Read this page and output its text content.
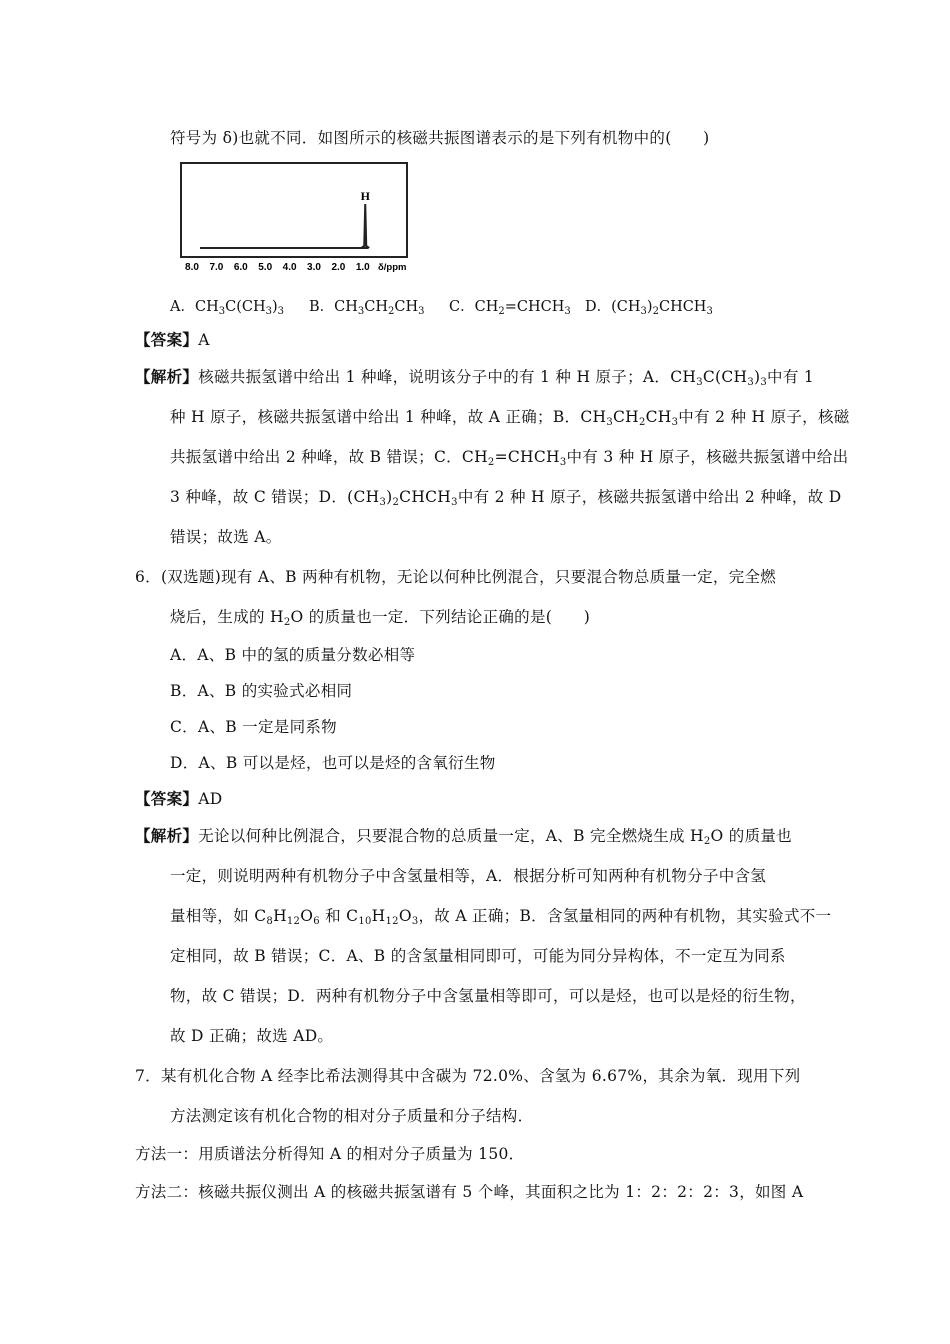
符号为 δ)也就不同．如图所示的核磁共振图谱表示的是下列有机物中的(　　)
H
8.0 7.0 6.0 5.0 4.0 3.0 2.0 1.0 δ/ppm
A．$CH_3C(CH_3)_3$ B．$CH_3CH_2CH_3$ C．$CH_2=CHCH_3$ D．$(CH_3)_2CHCH_3$
【答案】A
【解析】核磁共振氢谱中给出 1 种峰，说明该分子中的有 1 种 H 原子；A．$CH_3C(CH_3)_3$中有 1
种 H 原子，核磁共振氢谱中给出 1 种峰，故 A 正确；B．$CH_3CH_2CH_3$中有 2 种 H 原子，核磁
共振氢谱中给出 2 种峰，故 B 错误；C．$CH_2=CHCH_3$中有 3 种 H 原子，核磁共振氢谱中给出
3 种峰，故 C 错误；D．$(CH_3)_2CHCH_3$中有 2 种 H 原子，核磁共振氢谱中给出 2 种峰，故 D
错误；故选 A。
6．(双选题)现有 A、B 两种有机物，无论以何种比例混合，只要混合物总质量一定，完全燃
烧后，生成的 $H_2O$ 的质量也一定．下列结论正确的是(　　)
A．A、B 中的氢的质量分数必相等
B．A、B 的实验式必相同
C．A、B 一定是同系物
D．A、B 可以是烃，也可以是烃的含氧衍生物
【答案】AD
【解析】无论以何种比例混合，只要混合物的总质量一定，A、B 完全燃烧生成 $H_2O$ 的质量也
一定，则说明两种有机物分子中含氢量相等，A．根据分析可知两种有机物分子中含氢
量相等，如 $C_8H_{12}O_6$ 和 $C_{10}H_{12}O_3$，故 A 正确；B．含氢量相同的两种有机物，其实验式不一
定相同，故 B 错误；C．A、B 的含氢量相同即可，可能为同分异构体，不一定互为同系
物，故 C 错误；D．两种有机物分子中含氢量相等即可，可以是烃，也可以是烃的衍生物，
故 D 正确；故选 AD。
7．某有机化合物 A 经李比希法测得其中含碳为 72.0%、含氢为 6.67%，其余为氧．现用下列
方法测定该有机化合物的相对分子质量和分子结构．
方法一：用质谱法分析得知 A 的相对分子质量为 150．
方法二：核磁共振仪测出 A 的核磁共振氢谱有 5 个峰，其面积之比为 1：2：2：2：3，如图 A
